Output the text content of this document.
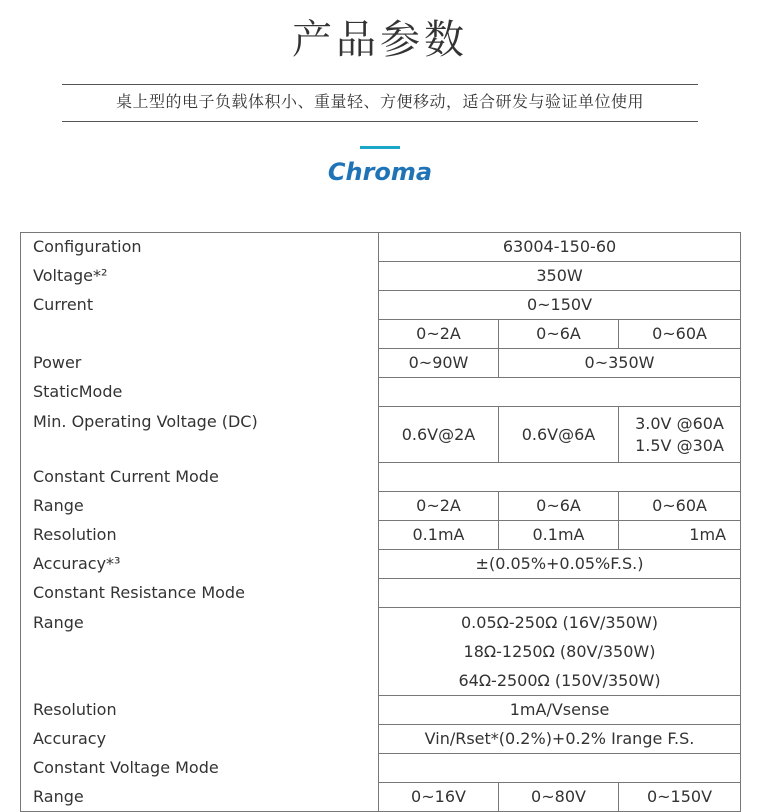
产品参数
桌上型的电子负载体积小、重量轻、方便移动，适合研发与验证单位使用
Chroma
Configuration	63004-150-60		
Voltage*²	350W		
Current	0~150V		
	0~2A	0~6A	0~60A
Power	0~90W	0~350W	
StaticMode			
Min. Operating Voltage (DC)	0.6V@2A	0.6V@6A	3.0V @60A
1.5V @30A

Constant Current Mode			
Range	0~2A	0~6A	0~60A
Resolution	0.1mA	0.1mA	1mA
Accuracy*³	±(0.05%+0.05%F.S.)		
Constant Resistance Mode			
Range	0.05Ω-250Ω (16V/350W)
18Ω-1250Ω (80V/350W)
64Ω-2500Ω (150V/350W)		

Resolution	1mA/Vsense		
Accuracy	Vin/Rset*(0.2%)+0.2% Irange F.S.		
Constant Voltage Mode			
Range	0~16V	0~80V	0~150V
